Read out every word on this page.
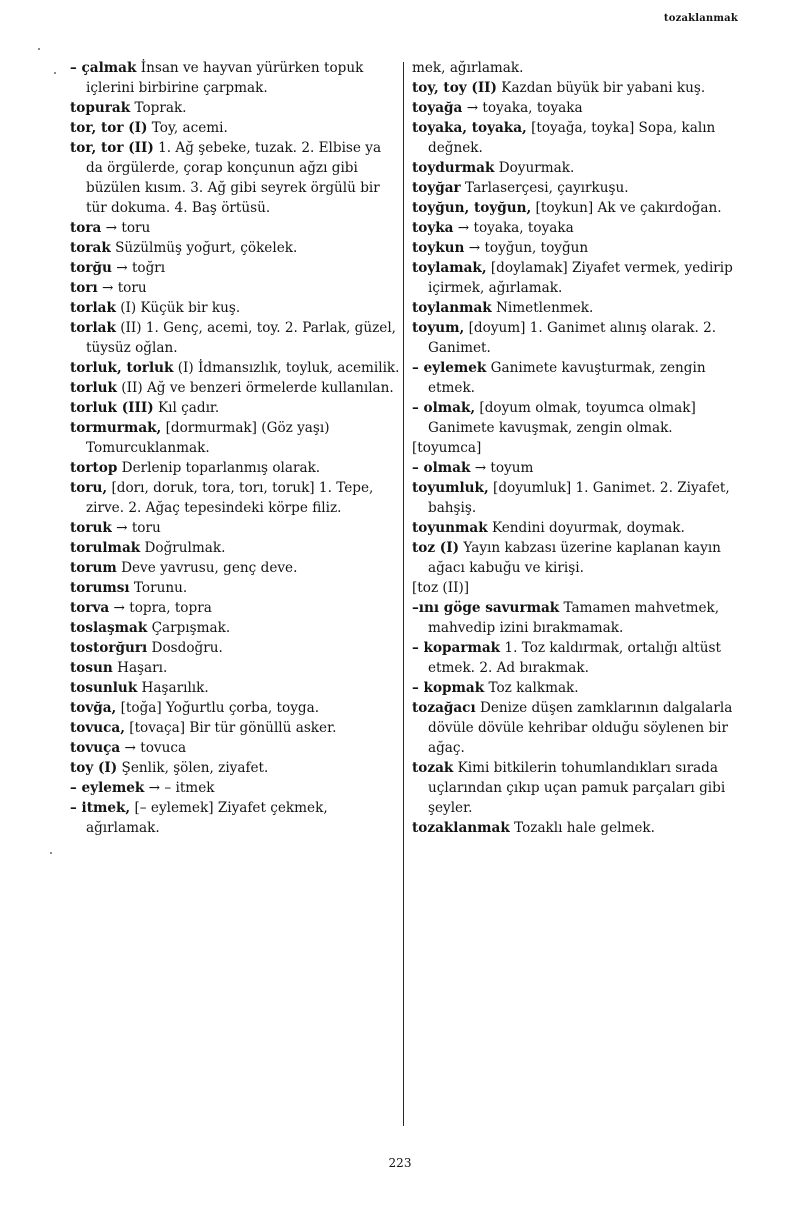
tozaklanmak

– çalmak İnsan ve hayvan yürürken topuk içlerini birbirine çarpmak.

topurak Toprak.

tor, tor (I) Toy, acemi.

tor, tor (II) 1. Ağ şebeke, tuzak. 2. Elbise ya da örgülerde, çorap konçunun ağzı gibi büzülen kısım. 3. Ağ gibi seyrek örgülü bir tür dokuma. 4. Baş örtüsü.

tora → toru

torak Süzülmüş yoğurt, çökelek.

torğu → toğrı

torı → toru

torlak (I) Küçük bir kuş.

torlak (II) 1. Genç, acemi, toy. 2. Parlak, güzel, tüysüz oğlan.

torluk, torluk (I) İdmansızlık, toyluk, acemilik.

torluk (II) Ağ ve benzeri örmelerde kullanılan.

torluk (III) Kıl çadır.

tormurmak, [dormurmak] (Göz yaşı) Tomurcuklanmak.

tortop Derlenip toparlanmış olarak.

toru, [dorı, doruk, tora, torı, toruk] 1. Tepe, zirve. 2. Ağaç tepesindeki körpe filiz.

toruk → toru

torulmak Doğrulmak.

torum Deve yavrusu, genç deve.

torumsı Torunu.

torva → topra, topra

toslaşmak Çarpışmak.

tostorğurı Dosdoğru.

tosun Haşarı.

tosunluk Haşarılık.

tovğa, [toğa] Yoğurtlu çorba, toyga.

tovuca, [tovaça] Bir tür gönüllü asker.

tovuça → tovuca

toy (I) Şenlik, şölen, ziyafet.

– eylemek → – itmek

– itmek, [– eylemek] Ziyafet çekmek, ağırlamak.

mek, ağırlamak.

toy, toy (II) Kazdan büyük bir yabani kuş.

toyağa → toyaka, toyaka

toyaka, toyaka, [toyağa, toyka] Sopa, kalın değnek.

toydurmak Doyurmak.

toyğar Tarlaserçesi, çayırkuşu.

toyğun, toyğun, [toykun] Ak ve çakırdoğan.

toyka → toyaka, toyaka

toykun → toyğun, toyğun

toylamak, [doylamak] Ziyafet vermek, yedirip içirmek, ağırlamak.

toylanmak Nimetlenmek.

toyum, [doyum] 1. Ganimet alınış olarak. 2. Ganimet.

– eylemek Ganimete kavuşturmak, zengin etmek.

– olmak, [doyum olmak, toyumca olmak] Ganimete kavuşmak, zengin olmak.

[toyumca]

– olmak → toyum

toyumluk, [doyumluk] 1. Ganimet. 2. Ziyafet, bahşiş.

toyunmak Kendini doyurmak, doymak.

toz (I) Yayın kabzası üzerine kaplanan kayın ağacı kabuğu ve kirişi.

[toz (II)]

–ını göge savurmak Tamamen mahvetmek, mahvedip izini bırakmamak.

– koparmak 1. Toz kaldırmak, ortalığı altüst etmek. 2. Ad bırakmak.

– kopmak Toz kalkmak.

tozağacı Denize düşen zamklarının dalgalarla dövüle dövüle kehribar olduğu söylenen bir ağaç.

tozak Kimi bitkilerin tohumlandıkları sırada uçlarından çıkıp uçan pamuk parçaları gibi şeyler.

tozaklanmak Tozaklı hale gelmek.

223
